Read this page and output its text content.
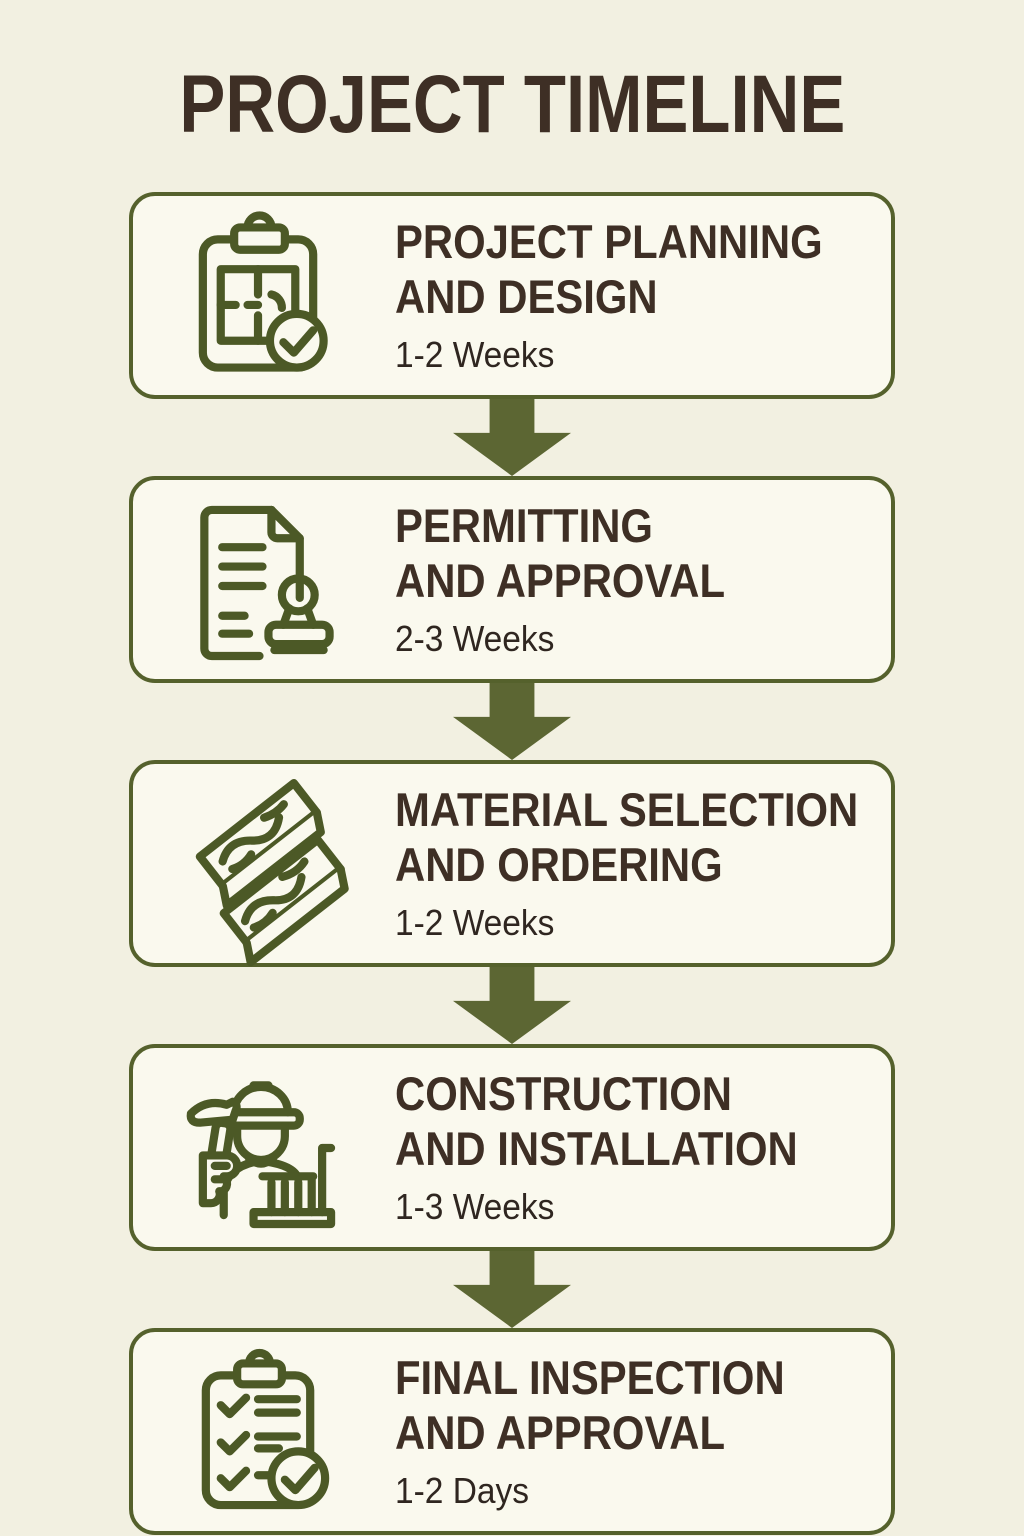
PROJECT TIMELINE
PROJECT PLANNING
AND DESIGN
1-2 Weeks
PERMITTING
AND APPROVAL
2-3 Weeks
MATERIAL SELECTION
AND ORDERING
1-2 Weeks
CONSTRUCTION
AND INSTALLATION
1-3 Weeks
FINAL INSPECTION
AND APPROVAL
1-2 Days
